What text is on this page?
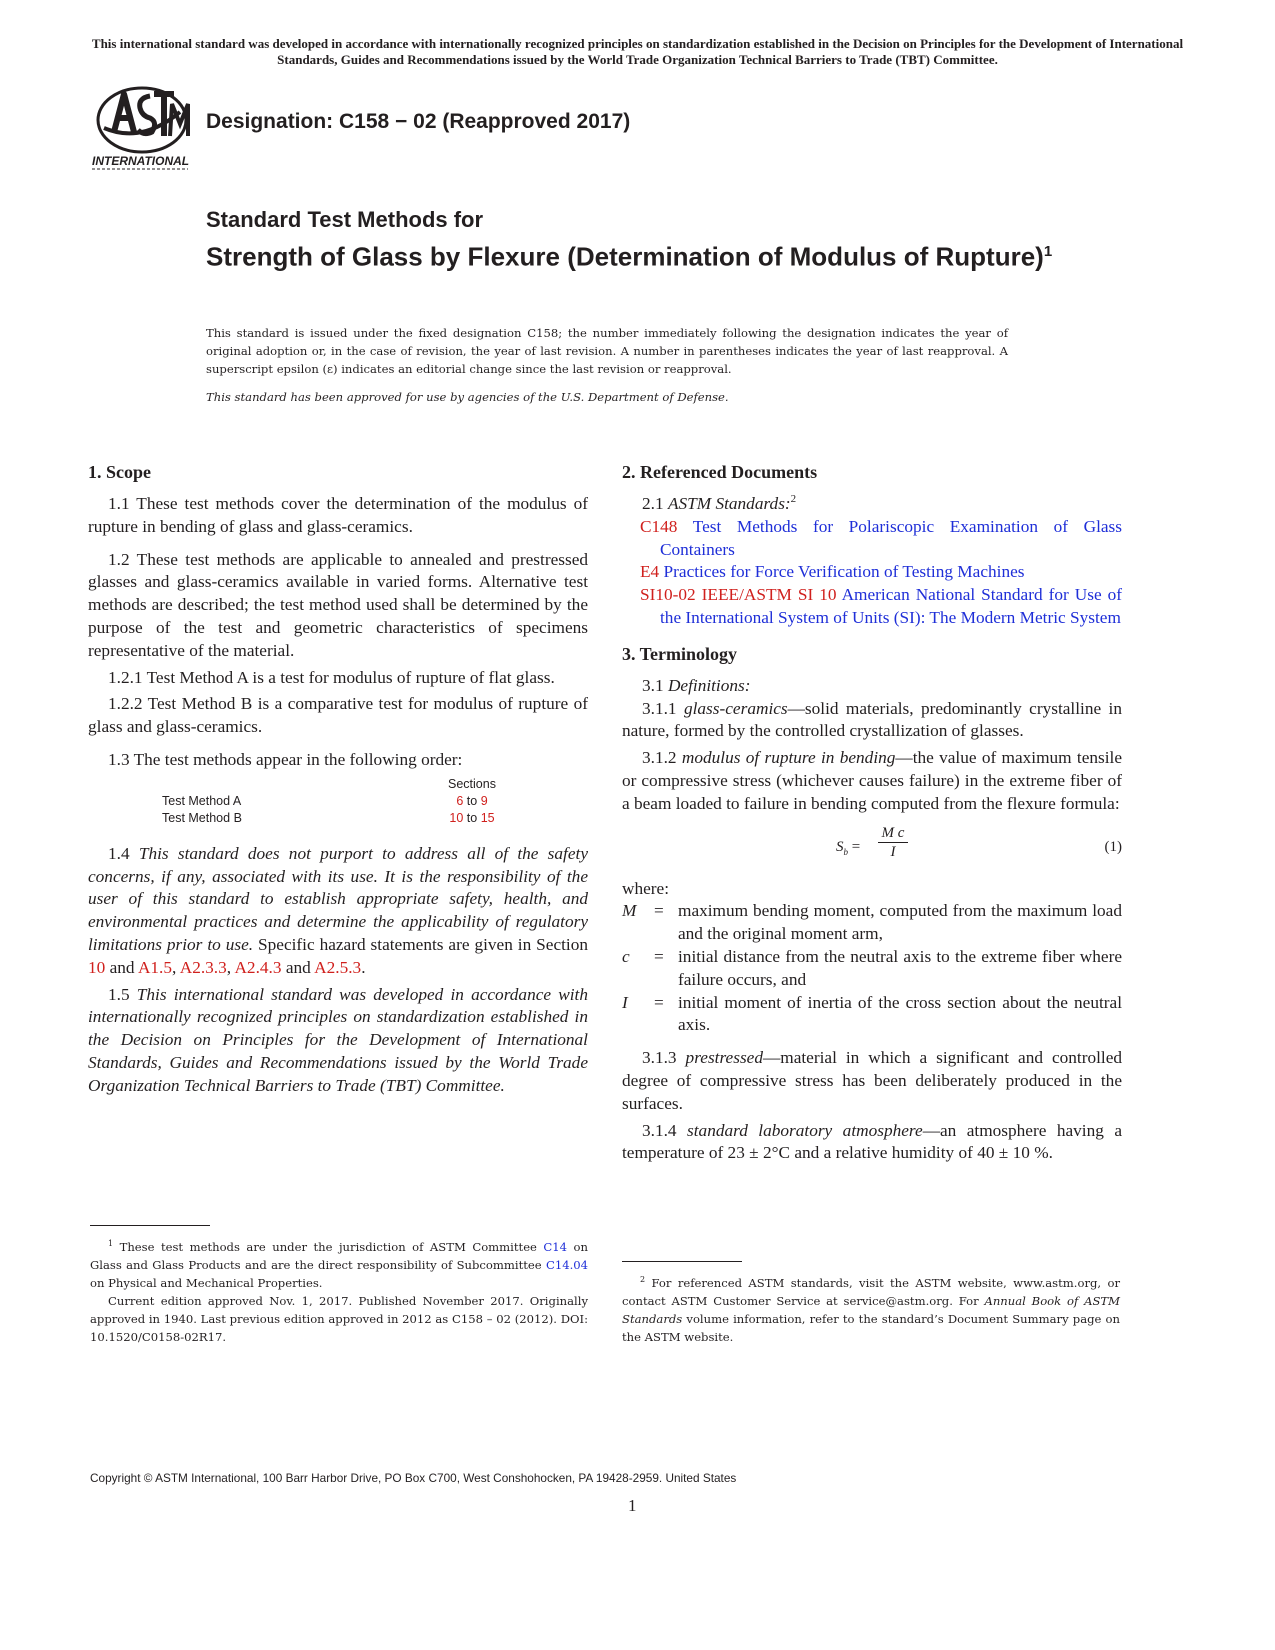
This international standard was developed in accordance with internationally recognized principles on standardization established in the Decision on Principles for the Development of International Standards, Guides and Recommendations issued by the World Trade Organization Technical Barriers to Trade (TBT) Committee.
INTERNATIONAL
Designation: C158 − 02 (Reapproved 2017)
Standard Test Methods for
Strength of Glass by Flexure (Determination of Modulus of Rupture)$^1$
This standard is issued under the fixed designation C158; the number immediately following the designation indicates the year of original adoption or, in the case of revision, the year of last revision. A number in parentheses indicates the year of last reapproval. A superscript epsilon (ε) indicates an editorial change since the last revision or reapproval.
This standard has been approved for use by agencies of the U.S. Department of Defense.
1. Scope

1.1 These test methods cover the determination of the modulus of rupture in bending of glass and glass-ceramics.

1.2 These test methods are applicable to annealed and prestressed glasses and glass-ceramics available in varied forms. Alternative test methods are described; the test method used shall be determined by the purpose of the test and geometric characteristics of specimens representative of the material.

1.2.1 Test Method A is a test for modulus of rupture of flat glass.

1.2.2 Test Method B is a comparative test for modulus of rupture of glass and glass-ceramics.

1.3 The test methods appear in the following order:

		Sections
	Test Method A	6 to 9
	Test Method B	10 to 15

1.4 This standard does not purport to address all of the safety concerns, if any, associated with its use. It is the responsibility of the user of this standard to establish appropriate safety, health, and environmental practices and determine the applicability of regulatory limitations prior to use. Specific hazard statements are given in Section 10 and A1.5, A2.3.3, A2.4.3 and A2.5.3.

1.5 This international standard was developed in accordance with internationally recognized principles on standardization established in the Decision on Principles for the Development of International Standards, Guides and Recommendations issued by the World Trade Organization Technical Barriers to Trade (TBT) Committee.

2. Referenced Documents

2.1 ASTM Standards:$^2$

C148 Test Methods for Polariscopic Examination of Glass Containers

E4 Practices for Force Verification of Testing Machines

SI10-02 IEEE/ASTM SI 10 American National Standard for Use of the International System of Units (SI): The Modern Metric System

3. Terminology

3.1 Definitions:

3.1.1 glass-ceramics—solid materials, predominantly crystalline in nature, formed by the controlled crystallization of glasses.

3.1.2 modulus of rupture in bending—the value of maximum tensile or compressive stress (whichever causes failure) in the extreme fiber of a beam loaded to failure in bending computed from the flexure formula:

$S_b = \frac{\text{M c}}{I}$	(1)

where:

M	= maximum bending moment, computed from the maximum load and the original moment arm,
c	= initial distance from the neutral axis to the extreme fiber where failure occurs, and
I	= initial moment of inertia of the cross section about the neutral axis.

3.1.3 prestressed—material in which a significant and controlled degree of compressive stress has been deliberately produced in the surfaces.

3.1.4 standard laboratory atmosphere—an atmosphere having a temperature of 23 ± 2°C and a relative humidity of 40 ± 10 %.

$^1$ These test methods are under the jurisdiction of ASTM Committee C14 on Glass and Glass Products and are the direct responsibility of Subcommittee C14.04 on Physical and Mechanical Properties.
Current edition approved Nov. 1, 2017. Published November 2017. Originally approved in 1940. Last previous edition approved in 2012 as C158 – 02 (2012). DOI: 10.1520/C0158-02R17.
$^2$ For referenced ASTM standards, visit the ASTM website, www.astm.org, or contact ASTM Customer Service at service@astm.org. For Annual Book of ASTM Standards volume information, refer to the standard’s Document Summary page on the ASTM website.
Copyright © ASTM International, 100 Barr Harbor Drive, PO Box C700, West Conshohocken, PA 19428-2959. United States
1
